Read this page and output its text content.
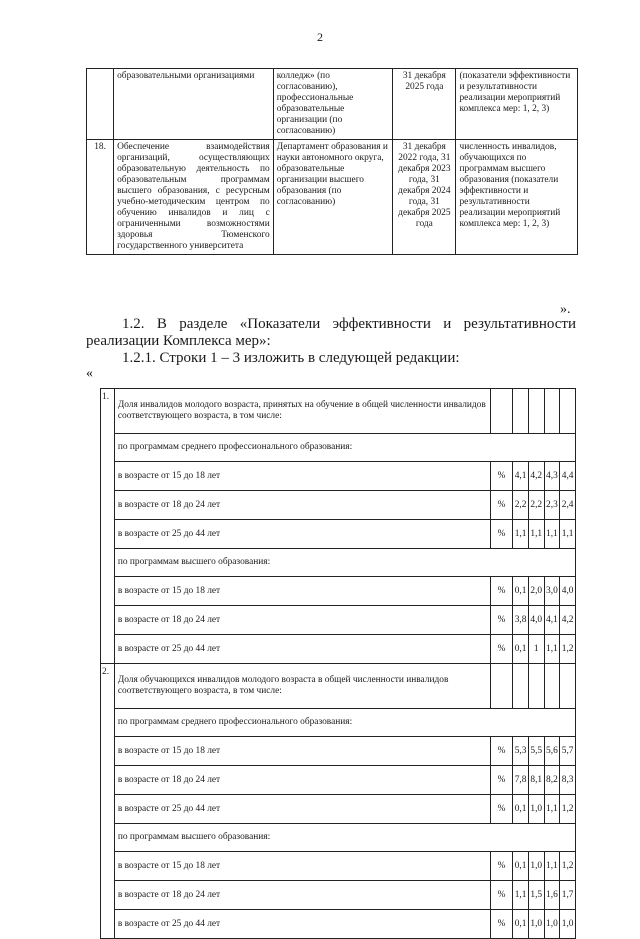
2
	образовательными организациями	колледж» (по согласованию), профессиональные образовательные организации (по согласованию)	31 декабря 2025 года	(показатели эффективности и результативности реализации мероприятий комплекса мер: 1, 2, 3)
18.	Обеспечение взаимодействия организаций, осуществляющих образовательную деятельность по образовательным программам высшего образования, с ресурсным учебно-методическим центром по обучению инвалидов и лиц с ограниченными возможностями здоровья Тюменского государственного университета	Департамент образования и науки автономного округа, образовательные организации высшего образования (по согласованию)	31 декабря 2022 года, 31 декабря 2023 года, 31 декабря 2024 года, 31 декабря 2025 года	численность инвалидов, обучающихся по программам высшего образования (показатели эффективности и результативности реализации мероприятий комплекса мер: 1, 2, 3)
».
1.2. В разделе «Показатели эффективности и результативности реализации Комплекса мер»:
1.2.1. Строки 1 – 3 изложить в следующей редакции:
«
1.	Доля инвалидов молодого возраста, принятых на обучение в общей численности инвалидов соответствующего возраста, в том числе:					
	по программам среднего профессионального образования:					
	в возрасте от 15 до 18 лет	%	4,1	4,2	4,3	4,4
	в возрасте от 18 до 24 лет	%	2,2	2,2	2,3	2,4
	в возрасте от 25 до 44 лет	%	1,1	1,1	1,1	1,1
	по программам высшего образования:					
	в возрасте от 15 до 18 лет	%	0,1	2,0	3,0	4,0
	в возрасте от 18 до 24 лет	%	3,8	4,0	4,1	4,2
	в возрасте от 25 до 44 лет	%	0,1	1	1,1	1,2
2.	Доля обучающихся инвалидов молодого возраста в общей численности инвалидов соответствующего возраста, в том числе:					
	по программам среднего профессионального образования:					
	в возрасте от 15 до 18 лет	%	5,3	5,5	5,6	5,7
	в возрасте от 18 до 24 лет	%	7,8	8,1	8,2	8,3
	в возрасте от 25 до 44 лет	%	0,1	1,0	1,1	1,2
	по программам высшего образования:					
	в возрасте от 15 до 18 лет	%	0,1	1,0	1,1	1,2
	в возрасте от 18 до 24 лет	%	1,1	1,5	1,6	1,7
	в возрасте от 25 до 44 лет	%	0,1	1,0	1,0	1,0
